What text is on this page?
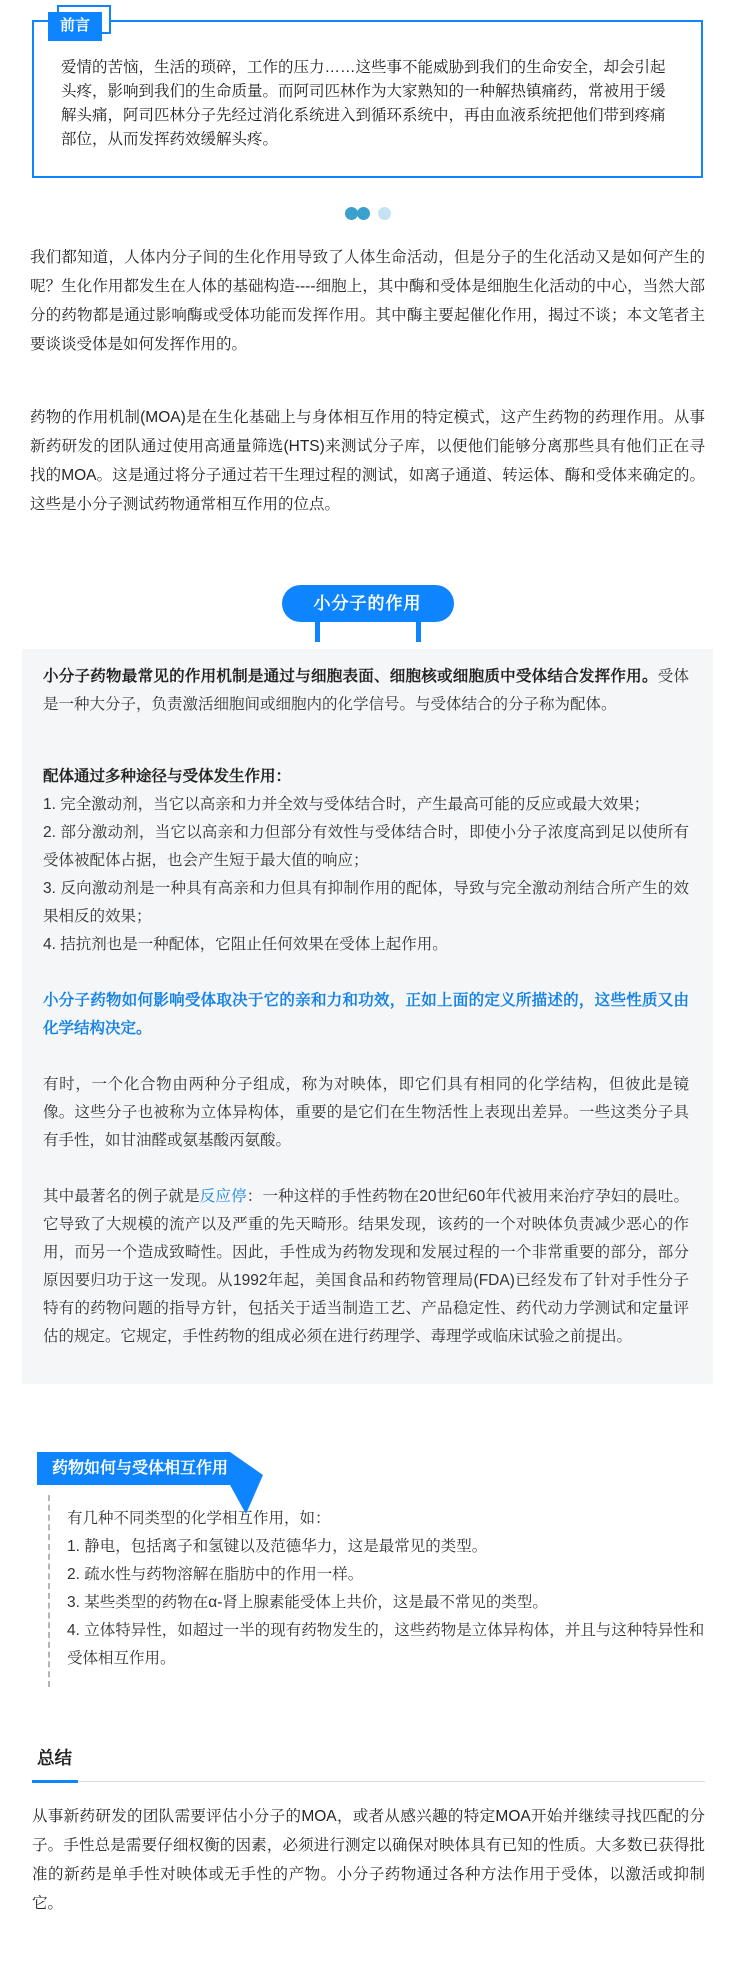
前言
爱情的苦恼，生活的琐碎，工作的压力……这些事不能威胁到我们的生命安全，却会引起头疼，影响到我们的生命质量。而阿司匹林作为大家熟知的一种解热镇痛药，常被用于缓解头痛，阿司匹林分子先经过消化系统进入到循环系统中，再由血液系统把他们带到疼痛部位，从而发挥药效缓解头疼。

我们都知道，人体内分子间的生化作用导致了人体生命活动，但是分子的生化活动又是如何产生的呢？生化作用都发生在人体的基础构造----细胞上，其中酶和受体是细胞生化活动的中心，当然大部分的药物都是通过影响酶或受体功能而发挥作用。其中酶主要起催化作用，揭过不谈；本文笔者主要谈谈受体是如何发挥作用的。

药物的作用机制(MOA)是在生化基础上与身体相互作用的特定模式，这产生药物的药理作用。从事新药研发的团队通过使用高通量筛选(HTS)来测试分子库，以便他们能够分离那些具有他们正在寻找的MOA。这是通过将分子通过若干生理过程的测试，如离子通道、转运体、酶和受体来确定的。这些是小分子测试药物通常相互作用的位点。

小分子的作用

小分子药物最常见的作用机制是通过与细胞表面、细胞核或细胞质中受体结合发挥作用。受体是一种大分子，负责激活细胞间或细胞内的化学信号。与受体结合的分子称为配体。

配体通过多种途径与受体发生作用：

1. 完全激动剂，当它以高亲和力并全效与受体结合时，产生最高可能的反应或最大效果；
2. 部分激动剂，当它以高亲和力但部分有效性与受体结合时，即使小分子浓度高到足以使所有受体被配体占据，也会产生短于最大值的响应；
3. 反向激动剂是一种具有高亲和力但具有抑制作用的配体，导致与完全激动剂结合所产生的效果相反的效果；
4. 拮抗剂也是一种配体，它阻止任何效果在受体上起作用。

小分子药物如何影响受体取决于它的亲和力和功效，正如上面的定义所描述的，这些性质又由化学结构决定。

有时，一个化合物由两种分子组成，称为对映体，即它们具有相同的化学结构，但彼此是镜像。这些分子也被称为立体异构体，重要的是它们在生物活性上表现出差异。一些这类分子具有手性，如甘油醛或氨基酸丙氨酸。

其中最著名的例子就是反应停：一种这样的手性药物在20世纪60年代被用来治疗孕妇的晨吐。它导致了大规模的流产以及严重的先天畸形。结果发现，该药的一个对映体负责减少恶心的作用，而另一个造成致畸性。因此，手性成为药物发现和发展过程的一个非常重要的部分，部分原因要归功于这一发现。从1992年起，美国食品和药物管理局(FDA)已经发布了针对手性分子特有的药物问题的指导方针，包括关于适当制造工艺、产品稳定性、药代动力学测试和定量评估的规定。它规定，手性药物的组成必须在进行药理学、毒理学或临床试验之前提出。

药物如何与受体相互作用
有几种不同类型的化学相互作用，如：
1. 静电，包括离子和氢键以及范德华力，这是最常见的类型。
2. 疏水性与药物溶解在脂肪中的作用一样。
3. 某些类型的药物在α-肾上腺素能受体上共价，这是最不常见的类型。
4. 立体特异性，如超过一半的现有药物发生的，这些药物是立体异构体，并且与这种特异性和受体相互作用。
总结

从事新药研发的团队需要评估小分子的MOA，或者从感兴趣的特定MOA开始并继续寻找匹配的分子。手性总是需要仔细权衡的因素，必须进行测定以确保对映体具有已知的性质。大多数已获得批准的新药是单手性对映体或无手性的产物。小分子药物通过各种方法作用于受体，以激活或抑制它。
